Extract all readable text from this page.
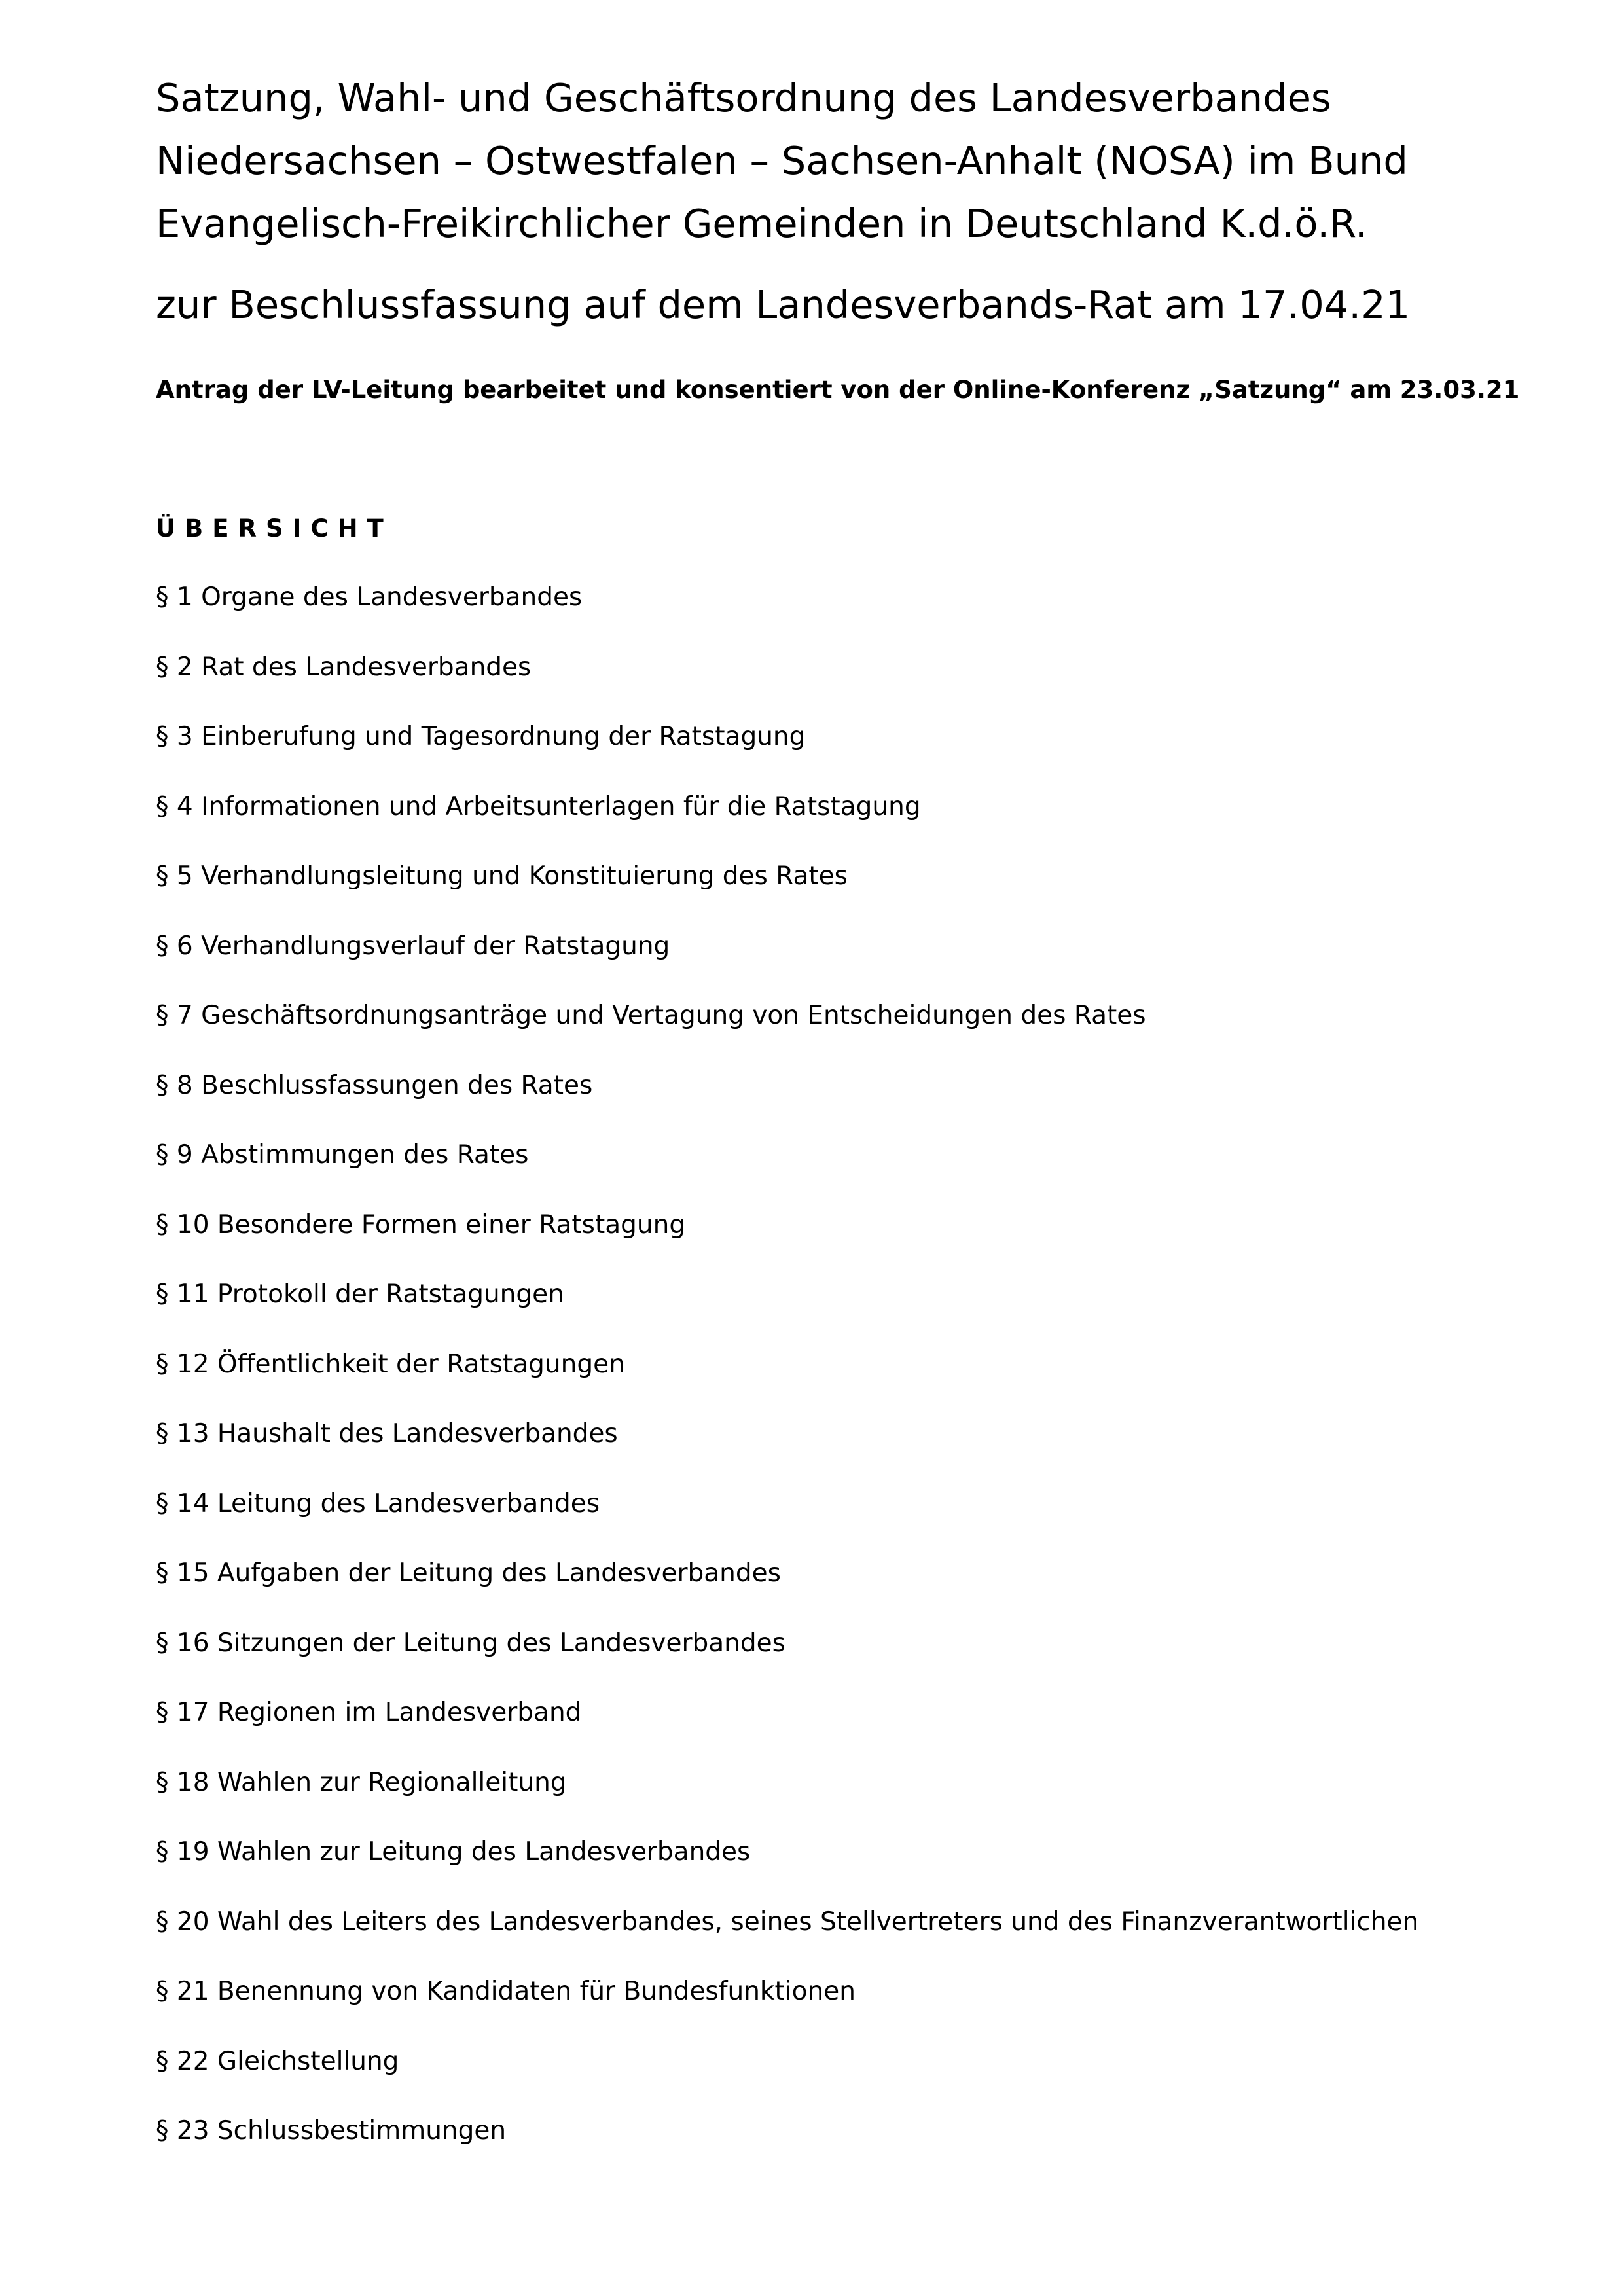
Satzung, Wahl- und Geschäftsordnung des Landesverbandes
Niedersachsen – Ostwestfalen – Sachsen-Anhalt (NOSA) im Bund
Evangelisch-Freikirchlicher Gemeinden in Deutschland K.d.ö.R.
zur Beschlussfassung auf dem Landesverbands-Rat am 17.04.21

Antrag der LV-Leitung bearbeitet und konsentiert von der Online-Konferenz „Satzung“ am 23.03.21

ÜBERSICHT
§ 1 Organe des Landesverbandes
§ 2 Rat des Landesverbandes
§ 3 Einberufung und Tagesordnung der Ratstagung
§ 4 Informationen und Arbeitsunterlagen für die Ratstagung
§ 5 Verhandlungsleitung und Konstituierung des Rates
§ 6 Verhandlungsverlauf der Ratstagung
§ 7 Geschäftsordnungsanträge und Vertagung von Entscheidungen des Rates
§ 8 Beschlussfassungen des Rates
§ 9 Abstimmungen des Rates
§ 10 Besondere Formen einer Ratstagung
§ 11 Protokoll der Ratstagungen
§ 12 Öffentlichkeit der Ratstagungen
§ 13 Haushalt des Landesverbandes
§ 14 Leitung des Landesverbandes
§ 15 Aufgaben der Leitung des Landesverbandes
§ 16 Sitzungen der Leitung des Landesverbandes
§ 17 Regionen im Landesverband
§ 18 Wahlen zur Regionalleitung
§ 19 Wahlen zur Leitung des Landesverbandes
§ 20 Wahl des Leiters des Landesverbandes, seines Stellvertreters und des Finanzverantwortlichen
§ 21 Benennung von Kandidaten für Bundesfunktionen
§ 22 Gleichstellung
§ 23 Schlussbestimmungen
